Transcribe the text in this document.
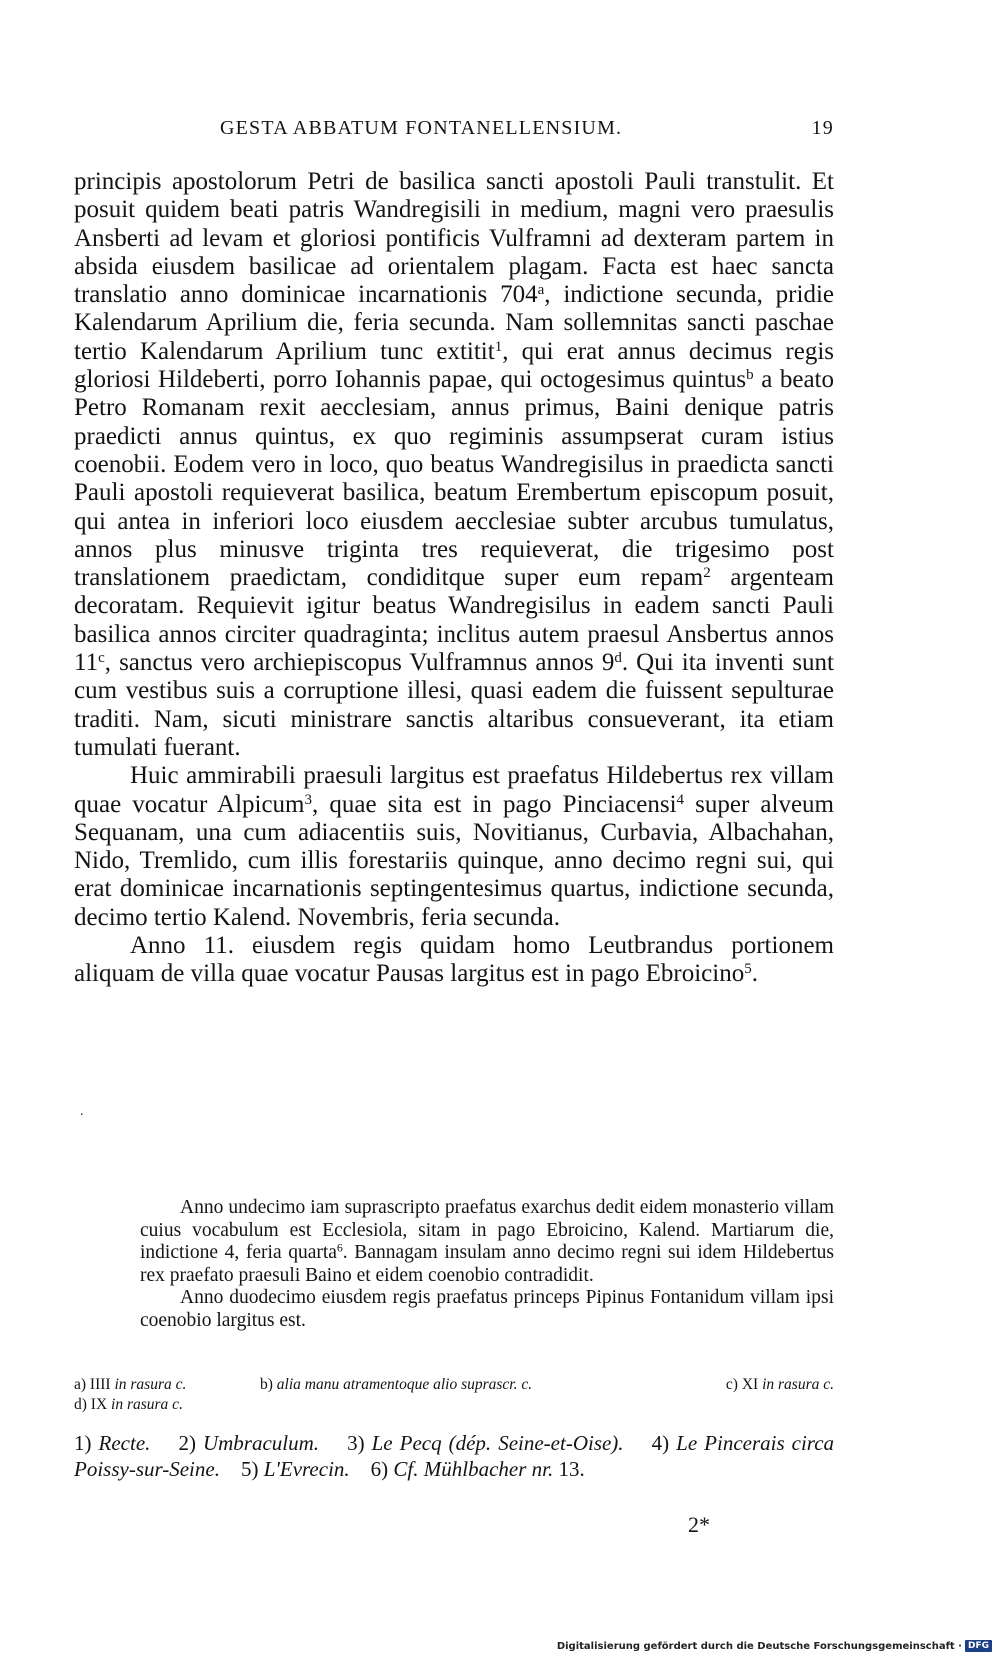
GESTA ABBATUM FONTANELLENSIUM.	19

principis apostolorum Petri de basilica sancti apostoli Pauli transtulit. Et posuit quidem beati patris Wandregisili in medium, magni vero praesulis Ansberti ad levam et gloriosi pontificis Vulframni ad dexteram partem in absida eiusdem basilicae ad orientalem plagam. Facta est haec sancta translatio anno dominicae incarnationis 704$^a$, indictione secunda, pridie Kalendarum Aprilium die, feria secunda. Nam sollemnitas sancti paschae tertio Kalendarum Aprilium tunc extitit$^1$, qui erat annus decimus regis gloriosi Hildeberti, porro Iohannis papae, qui octogesimus quintus$^b$ a beato Petro Romanam rexit aecclesiam, annus primus, Baini denique patris praedicti annus quintus, ex quo regiminis assumpserat curam istius coenobii. Eodem vero in loco, quo beatus Wandregisilus in praedicta sancti Pauli apostoli requieverat basilica, beatum Erembertum episcopum posuit, qui antea in inferiori loco eiusdem aecclesiae subter arcubus tumulatus, annos plus minusve triginta tres requieverat, die trigesimo post translationem praedictam, condiditque super eum repam$^2$ argenteam decoratam. Requievit igitur beatus Wandregisilus in eadem sancti Pauli basilica annos circiter quadraginta; inclitus autem praesul Ansbertus annos 11$^c$, sanctus vero archiepiscopus Vulframnus annos 9$^d$. Qui ita inventi sunt cum vestibus suis a corruptione illesi, quasi eadem die fuissent sepulturae traditi. Nam, sicuti ministrare sanctis altaribus consueverant, ita etiam tumulati fuerant.

Huic ammirabili praesuli largitus est praefatus Hildebertus rex villam quae vocatur Alpicum$^3$, quae sita est in pago Pinciacensi$^4$ super alveum Sequanam, una cum adiacentiis suis, Novitianus, Curbavia, Albachahan, Nido, Tremlido, cum illis forestariis quinque, anno decimo regni sui, qui erat dominicae incarnationis septingentesimus quartus, indictione secunda, decimo tertio Kalend. Novembris, feria secunda.

Anno 11. eiusdem regis quidam homo Leutbrandus portionem aliquam de villa quae vocatur Pausas largitus est in pago Ebroicino$^5$.

.

Anno undecimo iam suprascripto praefatus exarchus dedit eidem monasterio villam cuius vocabulum est Ecclesiola, sitam in pago Ebroicino, Kalend. Martiarum die, indictione 4, feria quarta$^6$. Bannagam insulam anno decimo regni sui idem Hildebertus rex praefato praesuli Baino et eidem coenobio contradidit.

Anno duodecimo eiusdem regis praefatus princeps Pipinus Fontanidum villam ipsi coenobio largitus est.

a) IIII in rasura c.	b) alia manu atramentoque alio suprascr. c.	c) XI in rasura c.
d) IX in rasura c.

1) Recte. 2) Umbraculum. 3) Le Pecq (dép. Seine-et-Oise). 4) Le Pincerais circa Poissy-sur-Seine. 5) L'Evrecin. 6) Cf. Mühlbacher nr. 13.

2*
Digitalisierung gefördert durch die Deutsche Forschungsgemeinschaft · DFG
